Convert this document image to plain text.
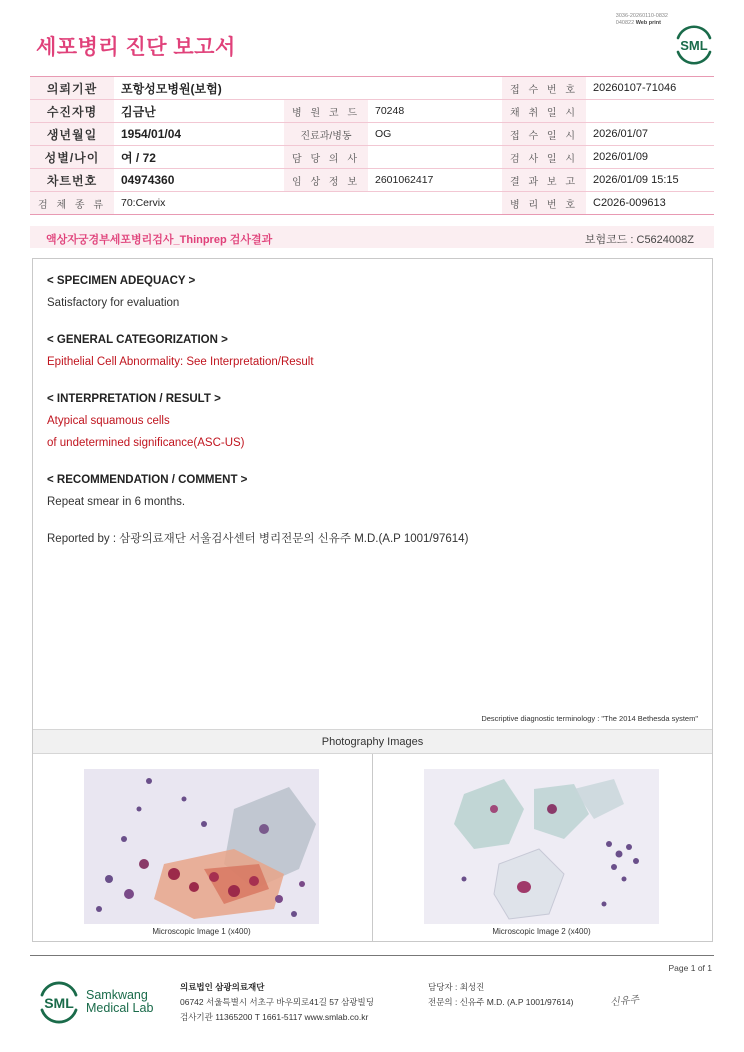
3036-20260110-0832
040822 Web print
세포병리 진단 보고서	SML
의뢰기관	포항성모병원(보험)			접 수 번 호	20260107-71046
수진자명	김금난	병 원 코 드	70248	채 취 일 시	
생년월일	1954/01/04	진료과/병동	OG	접 수 일 시	2026/01/07
성별/나이	여 / 72	담 당 의 사		검 사 일 시	2026/01/09
차트번호	04974360	임 상 정 보	2601062417	결 과 보 고	2026/01/09 15:15
검 체 종 류	70:Cervix			병 리 번 호	C2026-009613
액상자궁경부세포병리검사_Thinprep 검사결과	보험코드 : C5624008Z
< SPECIMEN ADEQUACY >
Satisfactory for evaluation
< GENERAL CATEGORIZATION >
Epithelial Cell Abnormality: See Interpretation/Result
< INTERPRETATION / RESULT >
Atypical squamous cells
of undetermined significance(ASC-US)
< RECOMMENDATION / COMMENT >
Repeat smear in 6 months.
Reported by : 삼광의료재단 서울검사센터 병리전문의 신유주 M.D.(A.P 1001/97614)
Descriptive diagnostic terminology : "The 2014 Bethesda system"
Photography Images
Microscopic Image 1 (x400)	Microscopic Image 2 (x400)
Page 1 of 1
SML Samkwang
Medical Lab
의료법인 삼광의료재단
06742 서울특별시 서초구 바우뫼로41길 57 삼광빌딩
검사기관 11365200 T 1661-5117 www.smlab.co.kr
담당자 : 최성진
전문의 : 신유주 M.D. (A.P 1001/97614)	신유주
